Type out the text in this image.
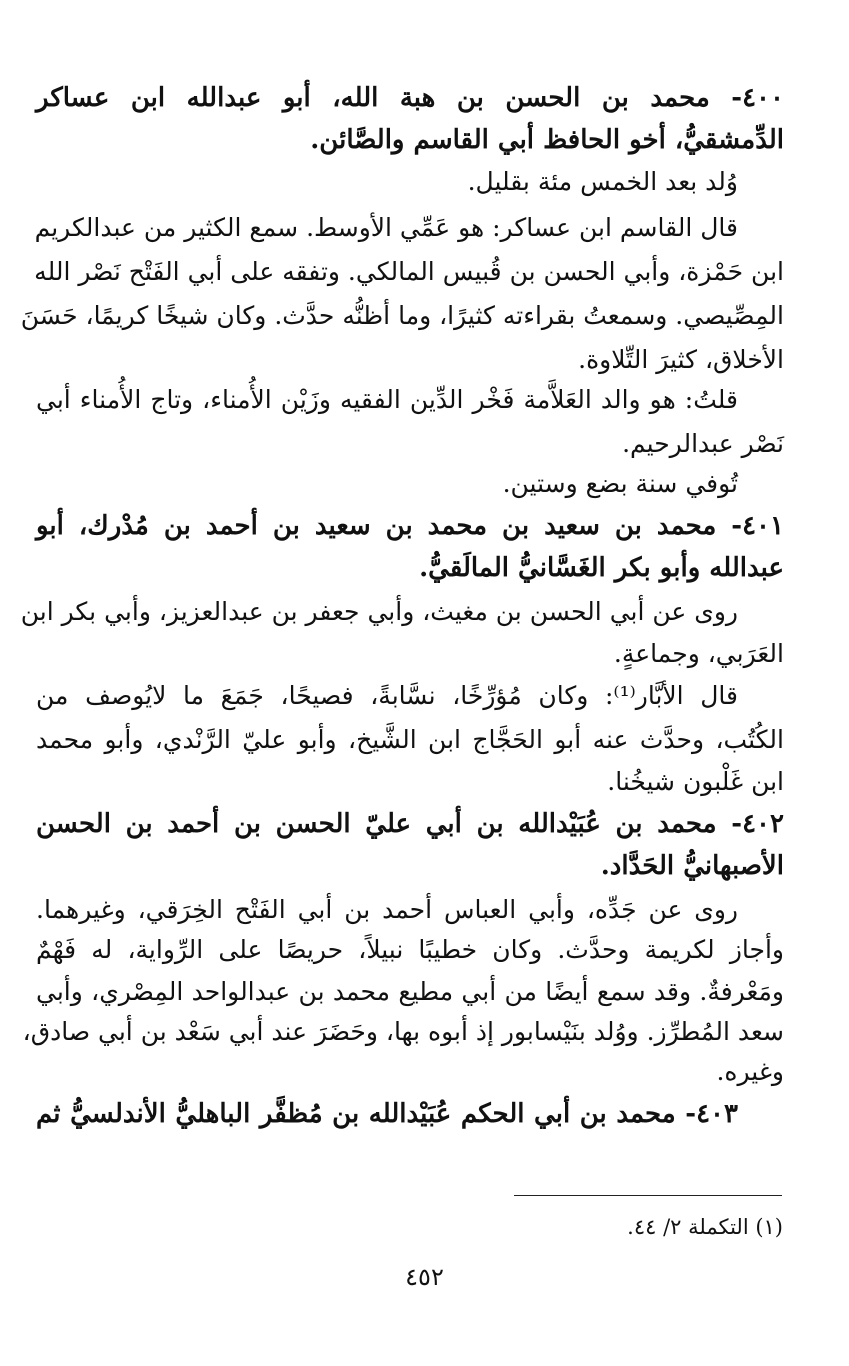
٤٠٠- محمد بن الحسن بن هبة الله، أبو عبدالله ابن عساكر
الدِّمشقيُّ، أخو الحافظ أبي القاسم والصَّائن.
وُلد بعد الخمس مئة بقليل.
قال القاسم ابن عساكر: هو عَمِّي الأوسط. سمع الكثير من عبدالكريم
ابن حَمْزة، وأبي الحسن بن قُبيس المالكي. وتفقه على أبي الفَتْح نَصْر الله
المِصِّيصي. وسمعتُ بقراءته كثيرًا، وما أظنُّه حدَّث. وكان شيخًا كريمًا، حَسَنَ
الأخلاق، كثيرَ التِّلاوة.
قلتُ: هو والد العَلاَّمة فَخْر الدِّين الفقيه وزَيْن الأُمناء، وتاج الأُمناء أبي
نَصْر عبدالرحيم.
تُوفي سنة بضع وستين.
٤٠١- محمد بن سعيد بن محمد بن سعيد بن أحمد بن مُدْرك، أبو
عبدالله وأبو بكر الغَسَّانيُّ المالَقيُّ.
روى عن أبي الحسن بن مغيث، وأبي جعفر بن عبدالعزيز، وأبي بكر ابن
العَرَبي، وجماعةٍ.
قال الأبَّار⁽¹⁾: وكان مُؤرِّخًا، نسَّابةً، فصيحًا، جَمَعَ ما لايُوصف من
الكُتُب، وحدَّث عنه أبو الحَجَّاج ابن الشَّيخ، وأبو عليّ الرَّنْدي، وأبو محمد
ابن غَلْبون شيخُنا.
٤٠٢- محمد بن عُبَيْدالله بن أبي عليّ الحسن بن أحمد بن الحسن
الأصبهانيُّ الحَدَّاد.
روى عن جَدِّه، وأبي العباس أحمد بن أبي الفَتْح الخِرَقي، وغيرهما.
وأجاز لكريمة وحدَّث. وكان خطيبًا نبيلاً، حريصًا على الرِّواية، له فَهْمٌ
ومَعْرفةٌ. وقد سمع أيضًا من أبي مطيع محمد بن عبدالواحد المِصْري، وأبي
سعد المُطرِّز. ووُلد بنَيْسابور إذ أبوه بها، وحَضَرَ عند أبي سَعْد بن أبي صادق،
وغيره.
٤٠٣- محمد بن أبي الحكم عُبَيْدالله بن مُظفَّر الباهليُّ الأندلسيُّ ثم
(١) التكملة ٢/ ٤٤.
٤٥٢
